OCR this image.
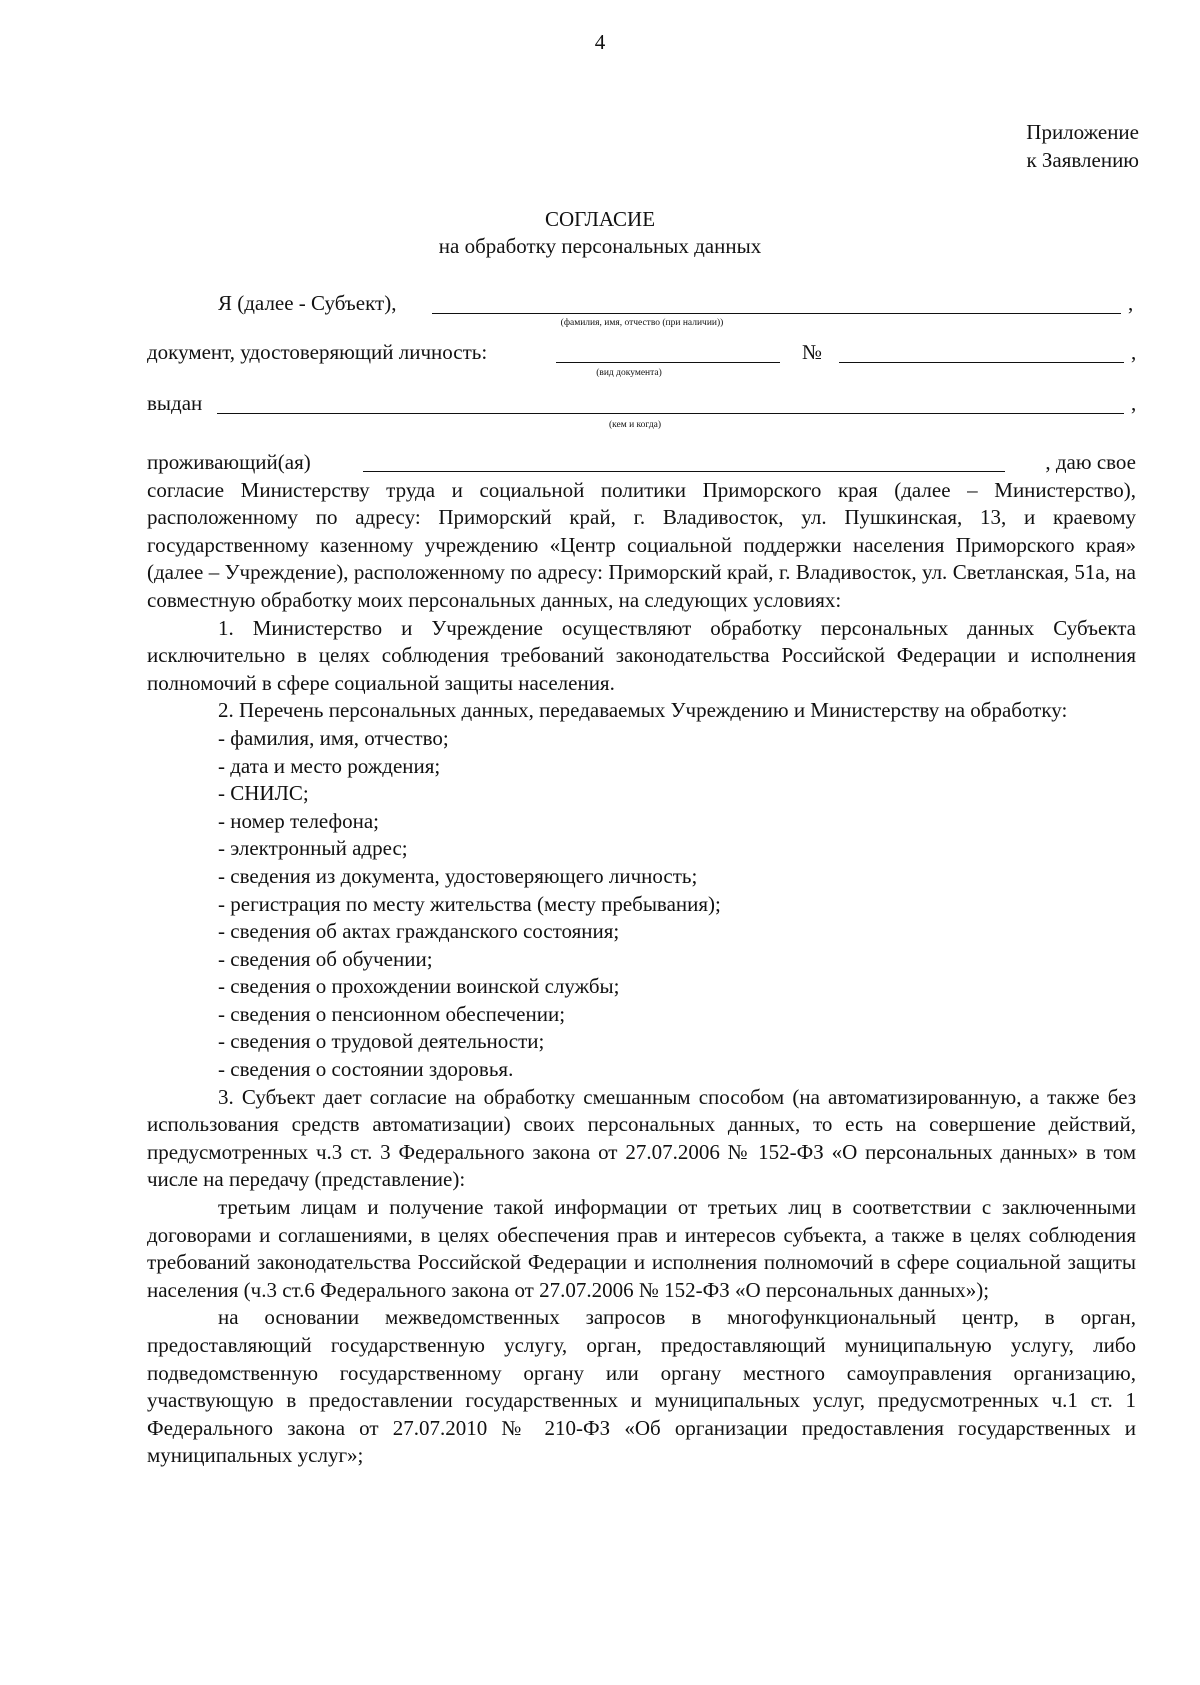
4
Приложение
к Заявлению
СОГЛАСИЕ
на обработку персональных данных
Я (далее - Субъект),	,
(фамилия, имя, отчество (при наличии))
документ, удостоверяющий личность:	№	,
(вид документа)
выдан	,
(кем и когда)
проживающий(ая)	, даю свое

согласие Министерству труда и социальной политики Приморского края (далее – Министерство), расположенному по адресу: Приморский край, г. Владивосток, ул. Пушкинская, 13, и краевому государственному казенному учреждению «Центр социальной поддержки населения Приморского края» (далее – Учреждение), расположенному по адресу: Приморский край, г. Владивосток, ул. Светланская, 51а, на совместную обработку моих персональных данных, на следующих условиях:

1. Министерство и Учреждение осуществляют обработку персональных данных Субъекта исключительно в целях соблюдения требований законодательства Российской Федерации и исполнения полномочий в сфере социальной защиты населения.

2. Перечень персональных данных, передаваемых Учреждению и Министерству на обработку:

- фамилия, имя, отчество;

- дата и место рождения;

- СНИЛС;

- номер телефона;

- электронный адрес;

- сведения из документа, удостоверяющего личность;

- регистрация по месту жительства (месту пребывания);

- сведения об актах гражданского состояния;

- сведения об обучении;

- сведения о прохождении воинской службы;

- сведения о пенсионном обеспечении;

- сведения о трудовой деятельности;

- сведения о состоянии здоровья.

3. Субъект дает согласие на обработку смешанным способом (на автоматизированную, а также без использования средств автоматизации) своих персональных данных, то есть на совершение действий, предусмотренных ч.3 ст. 3 Федерального закона от 27.07.2006 № 152-ФЗ «О персональных данных» в том числе на передачу (представление):

третьим лицам и получение такой информации от третьих лиц в соответствии с заключенными договорами и соглашениями, в целях обеспечения прав и интересов субъекта, а также в целях соблюдения требований законодательства Российской Федерации и исполнения полномочий в сфере социальной защиты населения (ч.3 ст.6 Федерального закона от 27.07.2006 № 152-ФЗ «О персональных данных»);

на основании межведомственных запросов в многофункциональный центр, в орган, предоставляющий государственную услугу, орган, предоставляющий муниципальную услугу, либо подведомственную государственному органу или органу местного самоуправления организацию, участвующую в предоставлении государственных и муниципальных услуг, предусмотренных ч.1 ст. 1 Федерального закона от 27.07.2010 № 210-ФЗ «Об организации предоставления государственных и муниципальных услуг»;
